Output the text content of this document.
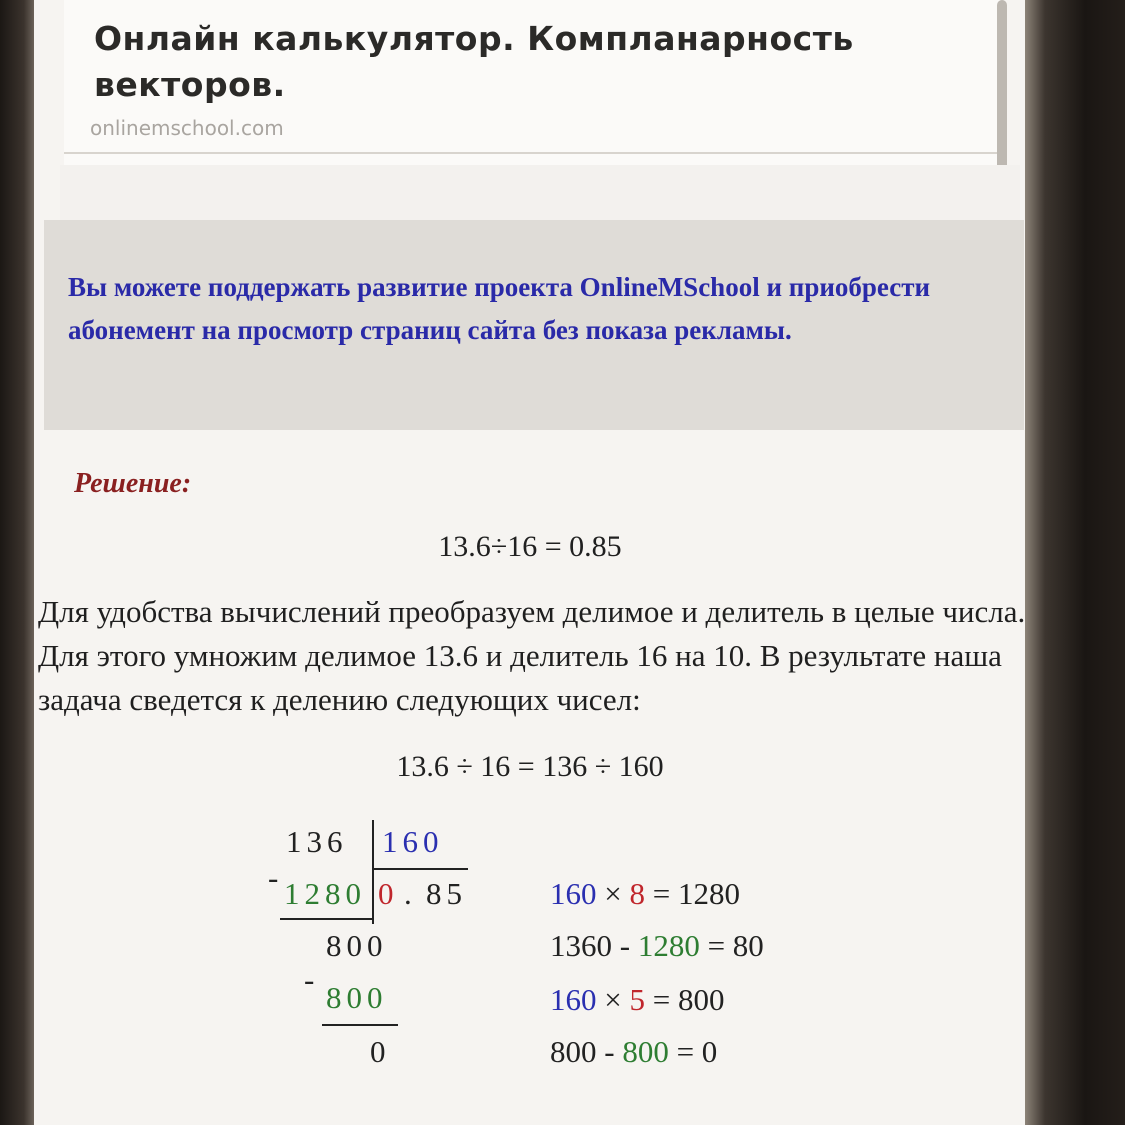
Онлайн калькулятор. Компланарность векторов.
onlinemschool.com
Вы можете поддержать развитие проекта OnlineMSchool и приобрести абонемент на просмотр страниц сайта без показа рекламы.
Решение:
13.6÷16 = 0.85
Для удобства вычислений преобразуем делимое и делитель в целые числа. Для этого умножим делимое 13.6 и делитель 16 на 10. В результате наша задача сведется к делению следующих чисел:
13.6 ÷ 16 = 136 ÷ 160
136 160
- 1280 0 . 85
800
-
800
0
160 × 8 = 1280
1360 - 1280 = 80
160 × 5 = 800
800 - 800 = 0
